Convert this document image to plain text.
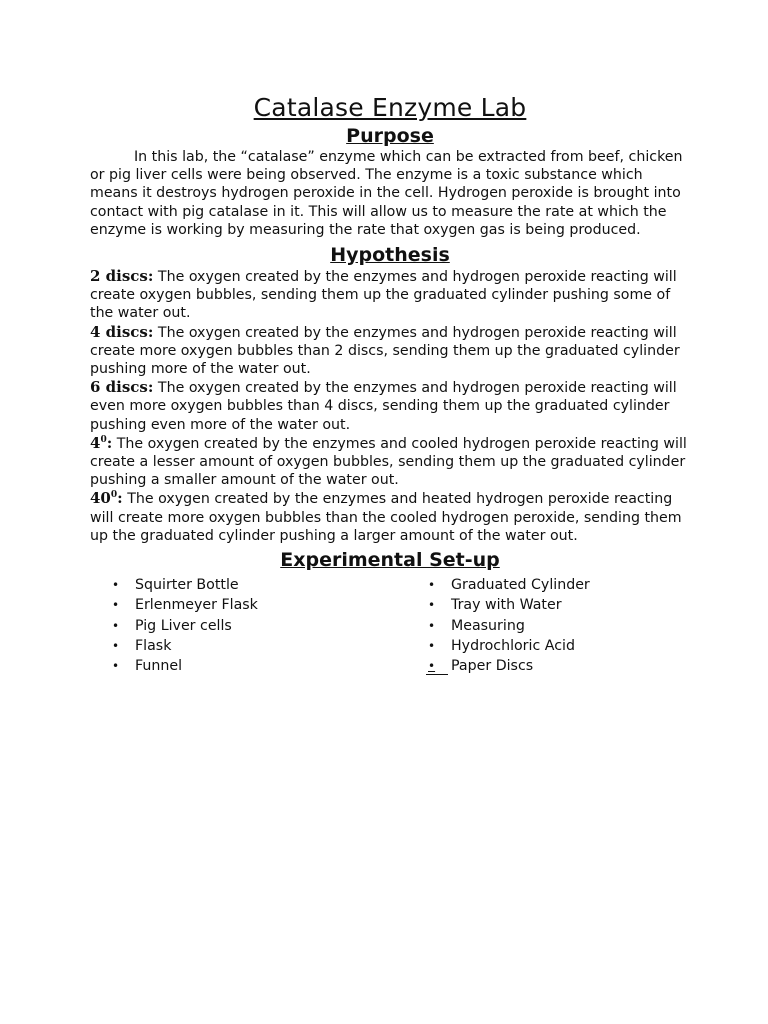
Catalase Enzyme Lab
Purpose

In this lab, the “catalase” enzyme which can be extracted from beef, chicken or pig liver cells were being observed. The enzyme is a toxic substance which means it destroys hydrogen peroxide in the cell. Hydrogen peroxide is brought into contact with pig catalase in it. This will allow us to measure the rate at which the enzyme is working by measuring the rate that oxygen gas is being produced.

Hypothesis

2 discs: The oxygen created by the enzymes and hydrogen peroxide reacting will create oxygen bubbles, sending them up the graduated cylinder pushing some of the water out.

4 discs: The oxygen created by the enzymes and hydrogen peroxide reacting will create more oxygen bubbles than 2 discs, sending them up the graduated cylinder pushing more of the water out.

6 discs: The oxygen created by the enzymes and hydrogen peroxide reacting will even more oxygen bubbles than 4 discs, sending them up the graduated cylinder pushing even more of the water out.

$4^0$: The oxygen created by the enzymes and cooled hydrogen peroxide reacting will create a lesser amount of oxygen bubbles, sending them up the graduated cylinder pushing a smaller amount of the water out.

$40^0$: The oxygen created by the enzymes and heated hydrogen peroxide reacting will create more oxygen bubbles than the cooled hydrogen peroxide, sending them up the graduated cylinder pushing a larger amount of the water out.

Experimental Set-up
• Squirter Bottle
• Erlenmeyer Flask
• Pig Liver cells
• Flask
• Funnel
• Graduated Cylinder
• Tray with Water
• Measuring
• Hydrochloric Acid
• Paper Discs
